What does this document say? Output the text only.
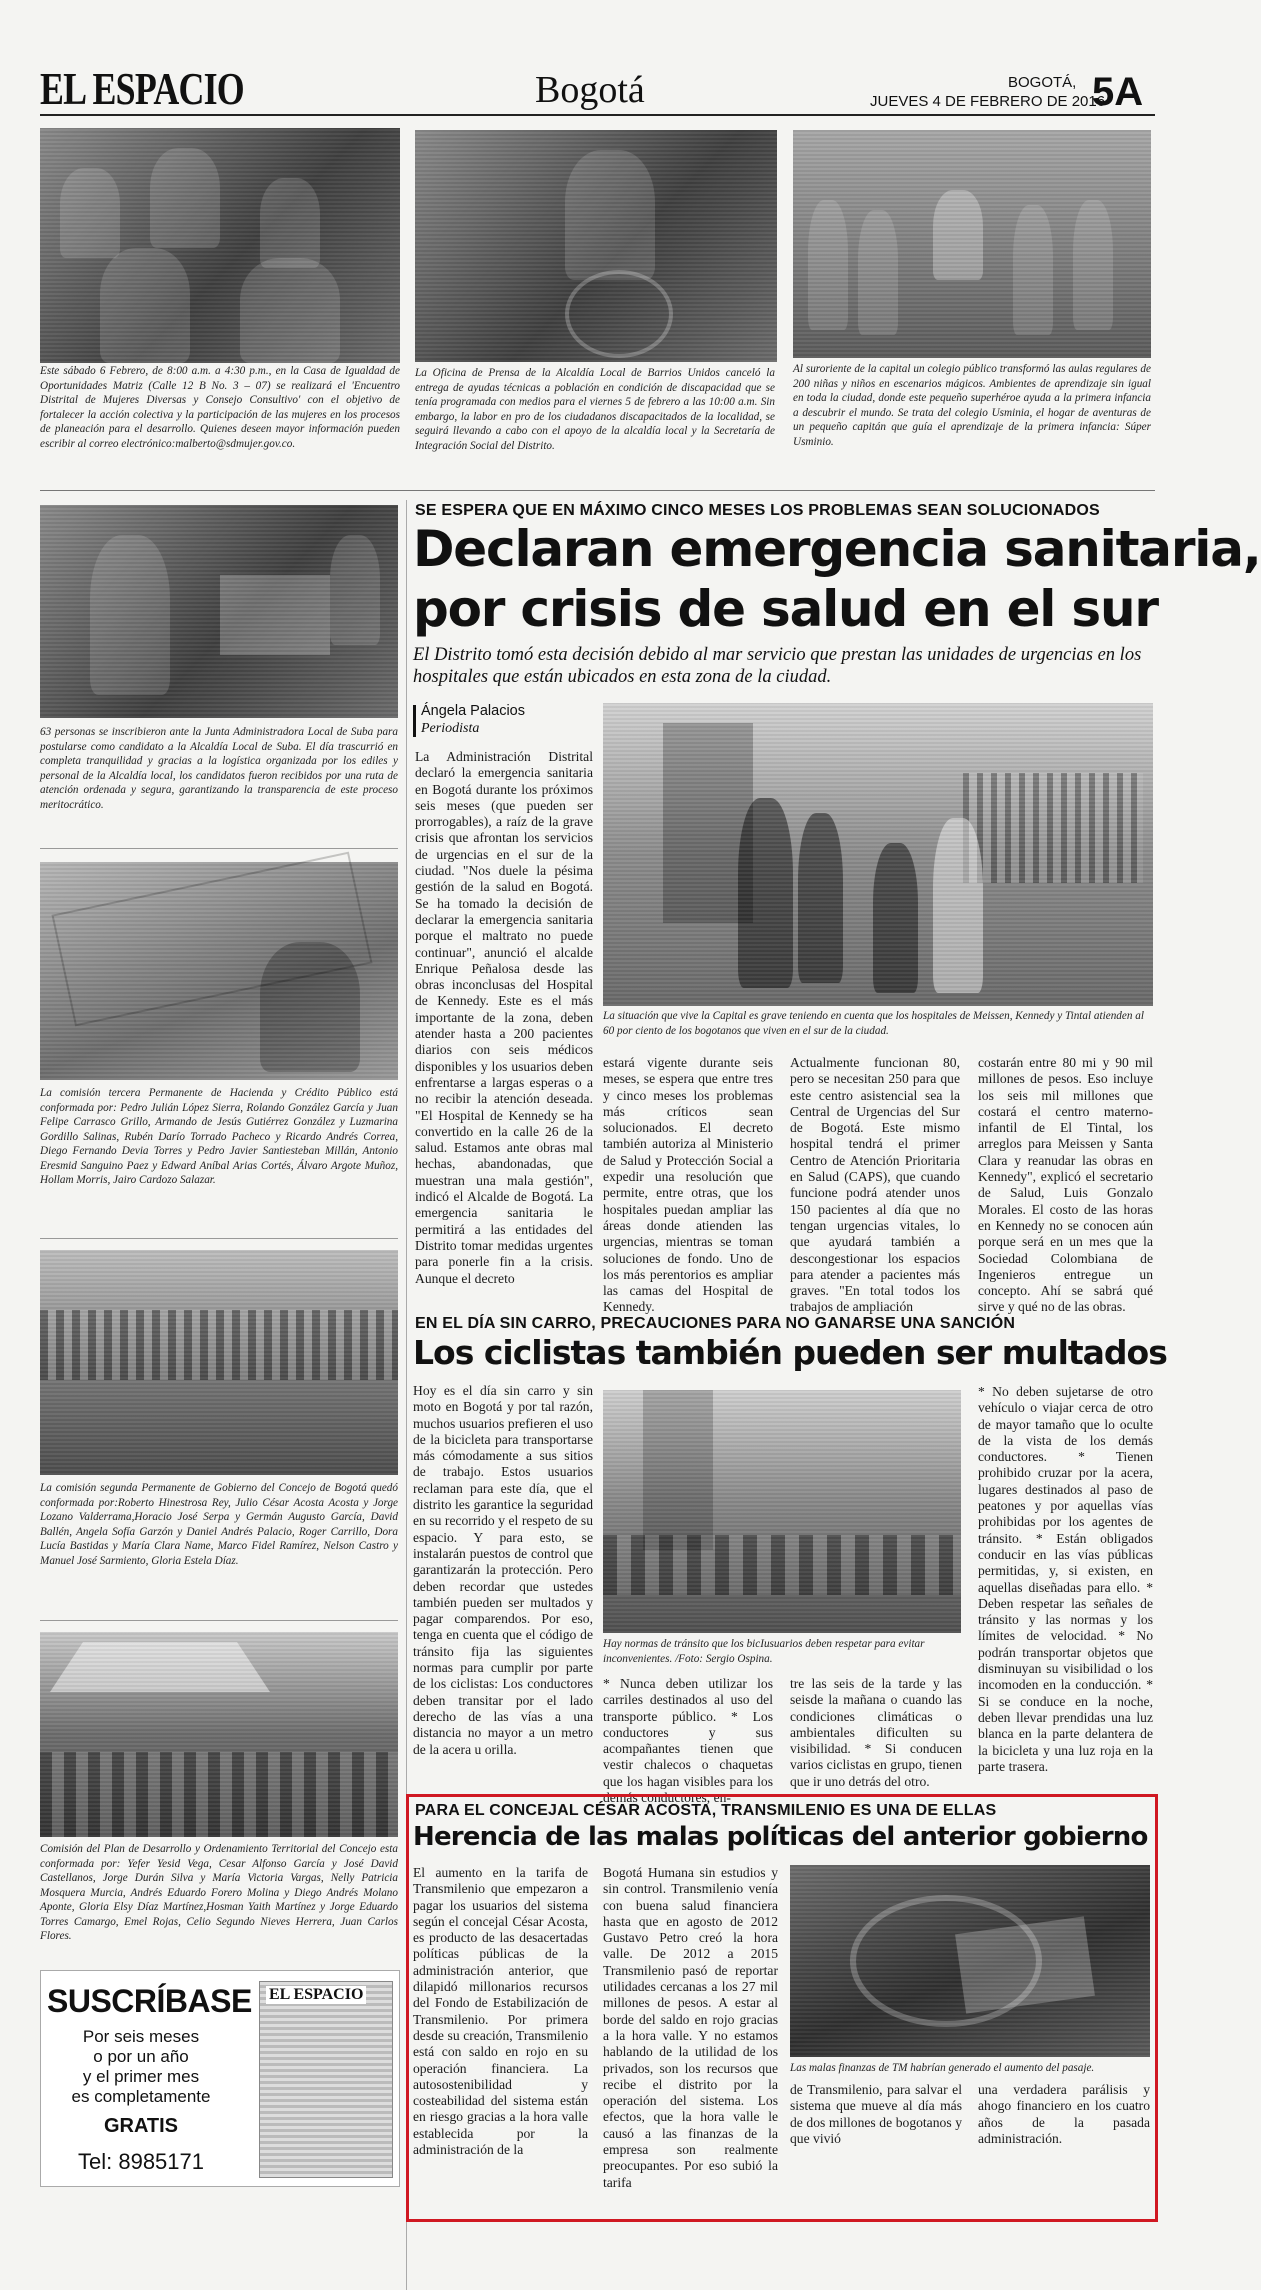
EL ESPACIO	Bogotá	BOGOTÁ,
JUEVES 4 DE FEBRERO DE 2016
5A
Este sábado 6 Febrero, de 8:00 a.m. a 4:30 p.m., en la Casa de Igualdad de Oportunidades Matriz (Calle 12 B No. 3 – 07) se realizará el 'Encuentro Distrital de Mujeres Diversas y Consejo Consultivo' con el objetivo de fortalecer la acción colectiva y la participación de las mujeres en los procesos de planeación para el desarrollo. Quienes deseen mayor información pueden escribir al correo electrónico:malberto@sdmujer.gov.co.
La Oficina de Prensa de la Alcaldía Local de Barrios Unidos canceló la entrega de ayudas técnicas a población en condición de discapacidad que se tenía programada con medios para el viernes 5 de febrero a las 10:00 a.m. Sin embargo, la labor en pro de los ciudadanos discapacitados de la localidad, se seguirá llevando a cabo con el apoyo de la alcaldía local y la Secretaría de Integración Social del Distrito.
Al suroriente de la capital un colegio público transformó las aulas regulares de 200 niñas y niños en escenarios mágicos. Ambientes de aprendizaje sin igual en toda la ciudad, donde este pequeño superhéroe ayuda a la primera infancia a descubrir el mundo. Se trata del colegio Usminia, el hogar de aventuras de un pequeño capitán que guía el aprendizaje de la primera infancia: Súper Usminio.
63 personas se inscribieron ante la Junta Administradora Local de Suba para postularse como candidato a la Alcaldía Local de Suba. El día trascurrió en completa tranquilidad y gracias a la logística organizada por los ediles y personal de la Alcaldía local, los candidatos fueron recibidos por una ruta de atención ordenada y segura, garantizando la transparencia de este proceso meritocrático.
La comisión tercera Permanente de Hacienda y Crédito Público está conformada por: Pedro Julián López Sierra, Rolando González García y Juan Felipe Carrasco Grillo, Armando de Jesús Gutiérrez González y Luzmarina Gordillo Salinas, Rubén Darío Torrado Pacheco y Ricardo Andrés Correa, Diego Fernando Devia Torres y Pedro Javier Santiesteban Millán, Antonio Eresmid Sanguino Paez y Edward Aníbal Arias Cortés, Álvaro Argote Muñoz, Hollam Morris, Jairo Cardozo Salazar.
La comisión segunda Permanente de Gobierno del Concejo de Bogotá quedó conformada por:Roberto Hinestrosa Rey, Julio César Acosta Acosta y Jorge Lozano Valderrama,Horacio José Serpa y Germán Augusto García, David Ballén, Angela Sofía Garzón y Daniel Andrés Palacio, Roger Carrillo, Dora Lucía Bastidas y María Clara Name, Marco Fidel Ramírez, Nelson Castro y Manuel José Sarmiento, Gloria Estela Díaz.
Comisión del Plan de Desarrollo y Ordenamiento Territorial del Concejo esta conformada por: Yefer Yesid Vega, Cesar Alfonso García y José David Castellanos, Jorge Durán Silva y María Victoria Vargas, Nelly Patricia Mosquera Murcia, Andrés Eduardo Forero Molina y Diego Andrés Molano Aponte, Gloria Elsy Díaz Martínez,Hosman Yaith Martínez y Jorge Eduardo Torres Camargo, Emel Rojas, Celio Segundo Nieves Herrera, Juan Carlos Flores.
SUSCRÍBASE
Por seis meses
o por un año
y el primer mes
es completamente
GRATIS
Tel: 8985171
EL ESPACIO
SE ESPERA QUE EN MÁXIMO CINCO MESES LOS PROBLEMAS SEAN SOLUCIONADOS
Declaran emergencia sanitaria,
por crisis de salud en el sur
El Distrito tomó esta decisión debido al mar servicio que prestan las unidades de urgencias en los hospitales que están ubicados en esta zona de la ciudad.
Ángela Palacios
Periodista
La situación que vive la Capital es grave teniendo en cuenta que los hospitales de Meissen, Kennedy y Tintal atienden al 60 por ciento de los bogotanos que viven en el sur de la ciudad.
La Administración Distrital declaró la emergencia sanitaria en Bogotá durante los próximos seis meses (que pueden ser prorrogables), a raíz de la grave crisis que afrontan los servicios de urgencias en el sur de la ciudad. "Nos duele la pésima gestión de la salud en Bogotá. Se ha tomado la decisión de declarar la emergencia sanitaria porque el maltrato no puede continuar", anunció el alcalde Enrique Peñalosa desde las obras inconclusas del Hospital de Kennedy. Este es el más importante de la zona, deben atender hasta a 200 pacientes diarios con seis médicos disponibles y los usuarios deben enfrentarse a largas esperas o a no recibir la atención deseada. "El Hospital de Kennedy se ha convertido en la calle 26 de la salud. Estamos ante obras mal hechas, abandonadas, que muestran una mala gestión", indicó el Alcalde de Bogotá. La emergencia sanitaria le permitirá a las entidades del Distrito tomar medidas urgentes para ponerle fin a la crisis. Aunque el decreto
estará vigente durante seis meses, se espera que entre tres y cinco meses los problemas más críticos sean solucionados. El decreto también autoriza al Ministerio de Salud y Protección Social a expedir una resolución que permite, entre otras, que los hospitales puedan ampliar las áreas donde atienden las urgencias, mientras se toman soluciones de fondo. Uno de los más perentorios es ampliar las camas del Hospital de Kennedy.
Actualmente funcionan 80, pero se necesitan 250 para que este centro asistencial sea la Central de Urgencias del Sur de Bogotá. Este mismo hospital tendrá el primer Centro de Atención Prioritaria en Salud (CAPS), que cuando funcione podrá atender unos 150 pacientes al día que no tengan urgencias vitales, lo que ayudará también a descongestionar los espacios para atender a pacientes más graves. "En total todos los trabajos de ampliación
costarán entre 80 mi y 90 mil millones de pesos. Eso incluye los seis mil millones que costará el centro materno-infantil de El Tintal, los arreglos para Meissen y Santa Clara y reanudar las obras en Kennedy", explicó el secretario de Salud, Luis Gonzalo Morales. El costo de las horas en Kennedy no se conocen aún porque será en un mes que la Sociedad Colombiana de Ingenieros entregue un concepto. Ahí se sabrá qué sirve y qué no de las obras.
EN EL DÍA SIN CARRO, PRECAUCIONES PARA NO GANARSE UNA SANCIÓN
Los ciclistas también pueden ser multados
Hoy es el día sin carro y sin moto en Bogotá y por tal razón, muchos usuarios prefieren el uso de la bicicleta para transportarse más cómodamente a sus sitios de trabajo. Estos usuarios reclaman para este día, que el distrito les garantice la seguridad en su recorrido y el respeto de su espacio. Y para esto, se instalarán puestos de control que garantizarán la protección. Pero deben recordar que ustedes también pueden ser multados y pagar comparendos. Por eso, tenga en cuenta que el código de tránsito fija las siguientes normas para cumplir por parte de los ciclistas: Los conductores deben transitar por el lado derecho de las vías a una distancia no mayor a un metro de la acera u orilla.
Hay normas de tránsito que los bicIusuarios deben respetar para evitar inconvenientes. /Foto: Sergio Ospina.
* Nunca deben utilizar los carriles destinados al uso del transporte público. * Los conductores y sus acompañantes tienen que vestir chalecos o chaquetas que los hagan visibles para los demás conductores, en-
tre las seis de la tarde y las seisde la mañana o cuando las condiciones climáticas o ambientales dificulten su visibilidad. * Si conducen varios ciclistas en grupo, tienen que ir uno detrás del otro.
* No deben sujetarse de otro vehículo o viajar cerca de otro de mayor tamaño que lo oculte de la vista de los demás conductores. * Tienen prohibido cruzar por la acera, lugares destinados al paso de peatones y por aquellas vías prohibidas por los agentes de tránsito. * Están obligados conducir en las vías públicas permitidas, y, si existen, en aquellas diseñadas para ello. * Deben respetar las señales de tránsito y las normas y los límites de velocidad. * No podrán transportar objetos que disminuyan su visibilidad o los incomoden en la conducción. * Si se conduce en la noche, deben llevar prendidas una luz blanca en la parte delantera de la bicicleta y una luz roja en la parte trasera.
PARA EL CONCEJAL CÉSAR ACOSTA, TRANSMILENIO ES UNA DE ELLAS
Herencia de las malas políticas del anterior gobierno
El aumento en la tarifa de Transmilenio que empezaron a pagar los usuarios del sistema según el concejal César Acosta, es producto de las desacertadas políticas públicas de la administración anterior, que dilapidó millonarios recursos del Fondo de Estabilización de Transmilenio. Por primera desde su creación, Transmilenio está con saldo en rojo en su operación financiera. La autosostenibilidad y costeabilidad del sistema están en riesgo gracias a la hora valle establecida por la administración de la
Bogotá Humana sin estudios y sin control. Transmilenio venía con buena salud financiera hasta que en agosto de 2012 Gustavo Petro creó la hora valle. De 2012 a 2015 Transmilenio pasó de reportar utilidades cercanas a los 27 mil millones de pesos. A estar al borde del saldo en rojo gracias a la hora valle. Y no estamos hablando de la utilidad de los privados, son los recursos que recibe el distrito por la operación del sistema. Los efectos, que la hora valle le causó a las finanzas de la empresa son realmente preocupantes. Por eso subió la tarifa
Las malas finanzas de TM habrían generado el aumento del pasaje.
de Transmilenio, para salvar el sistema que mueve al día más de dos millones de bogotanos y que vivió
una verdadera parálisis y ahogo financiero en los cuatro años de la pasada administración.
